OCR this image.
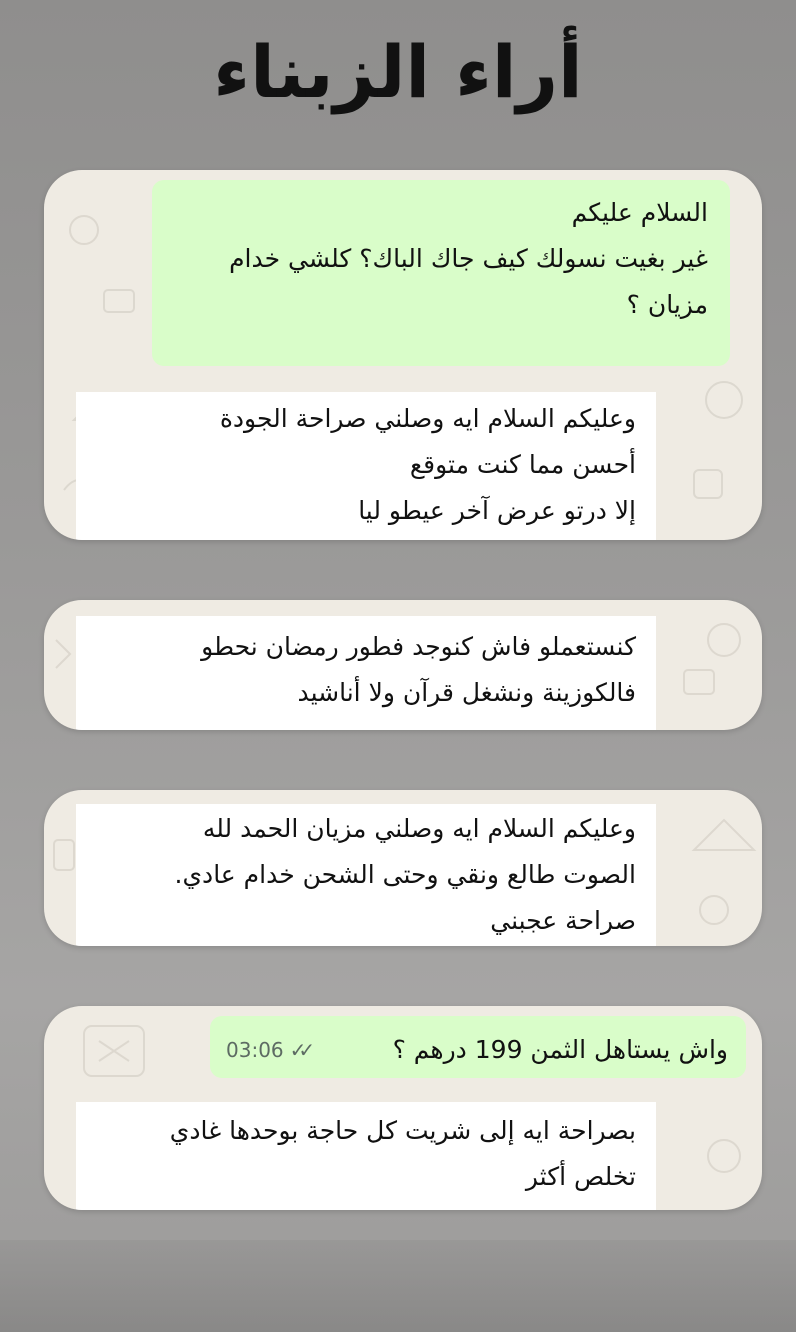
أراء الزبناء
السلام عليكم
غير بغيت نسولك كيف جاك الباك؟ كلشي خدام
مزيان ؟
وعليكم السلام ايه وصلني صراحة الجودة
أحسن مما كنت متوقع
إلا درتو عرض آخر عيطو ليا
كنستعملو فاش كنوجد فطور رمضان نحطو
فالكوزينة ونشغل قرآن ولا أناشيد
وعليكم السلام ايه وصلني مزيان الحمد لله
الصوت طالع ونقي وحتى الشحن خدام عادي.
صراحة عجبني
واش يستاهل الثمن 199 درهم ؟
03:06 ✓✓
بصراحة ايه إلى شريت كل حاجة بوحدها غادي
تخلص أكثر
